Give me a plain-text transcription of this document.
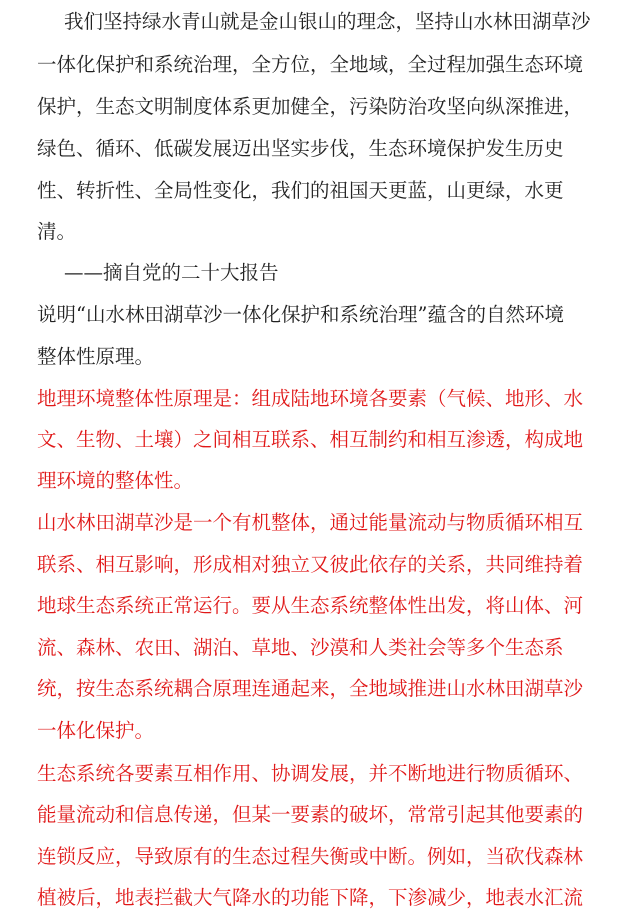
我们坚持绿水青山就是金山银山的理念，坚持山水林田湖草沙
一体化保护和系统治理，全方位，全地域，全过程加强生态环境
保护，生态文明制度体系更加健全，污染防治攻坚向纵深推进，
绿色、循环、低碳发展迈出坚实步伐，生态环境保护发生历史
性、转折性、全局性变化，我们的祖国天更蓝，山更绿，水更
清。
——摘自党的二十大报告
说明“山水林田湖草沙一体化保护和系统治理”蕴含的自然环境
整体性原理。
地理环境整体性原理是：组成陆地环境各要素（气候、地形、水
文、生物、土壤）之间相互联系、相互制约和相互渗透，构成地
理环境的整体性。
山水林田湖草沙是一个有机整体，通过能量流动与物质循环相互
联系、相互影响，形成相对独立又彼此依存的关系，共同维持着
地球生态系统正常运行。要从生态系统整体性出发，将山体、河
流、森林、农田、湖泊、草地、沙漠和人类社会等多个生态系
统，按生态系统耦合原理连通起来，全地域推进山水林田湖草沙
一体化保护。
生态系统各要素互相作用、协调发展，并不断地进行物质循环、
能量流动和信息传递，但某一要素的破坏，常常引起其他要素的
连锁反应，导致原有的生态过程失衡或中断。例如，当砍伐森林
植被后，地表拦截大气降水的功能下降，下渗减少，地表水汇流
